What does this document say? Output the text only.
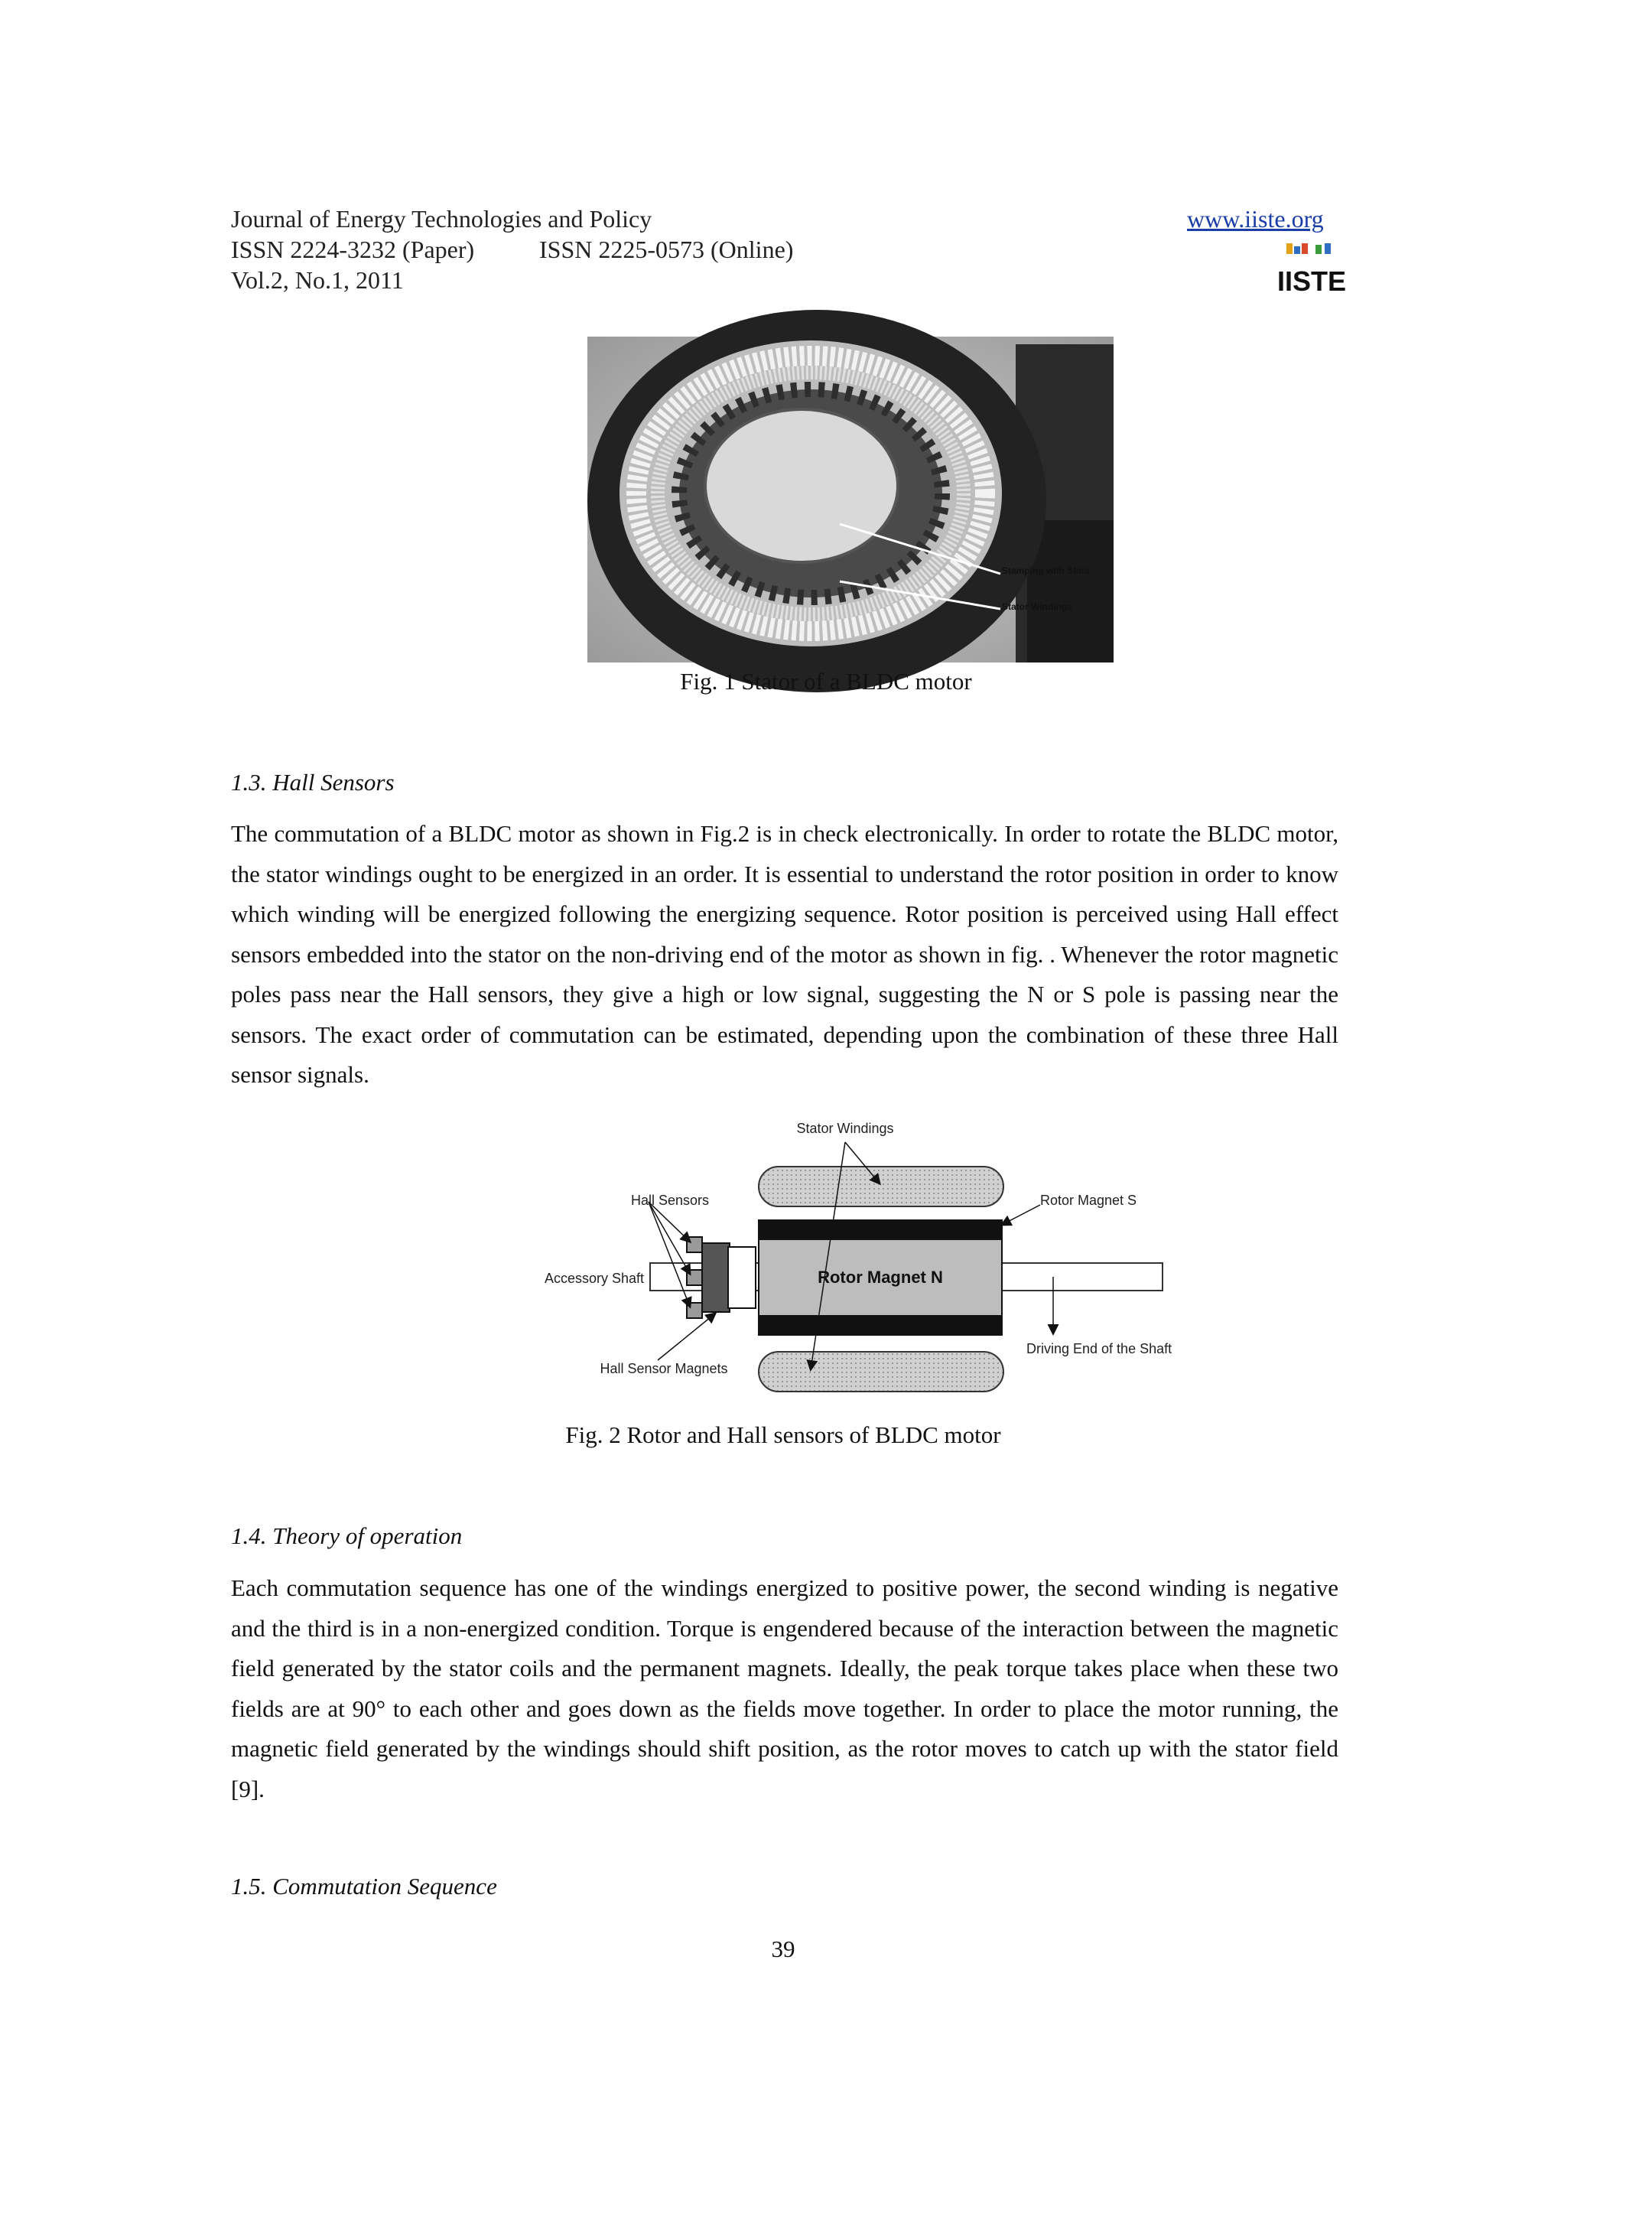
Journal of Energy Technologies and Policy
ISSN 2224-3232 (Paper)	ISSN 2225-0573 (Online)
Vol.2, No.1, 2011
www.iiste.org
IISTE
Stamping with Slots
Stator Windings
Fig. 1 Stator of a BLDC motor
1.3. Hall Sensors
The commutation of a BLDC motor as shown in Fig.2 is in check electronically. In order to rotate the BLDC motor, the stator windings ought to be energized in an order. It is essential to understand the rotor position in order to know which winding will be energized following the energizing sequence. Rotor position is perceived using Hall effect sensors embedded into the stator on the non-driving end of the motor as shown in fig. . Whenever the rotor magnetic poles pass near the Hall sensors, they give a high or low signal, suggesting the N or S pole is passing near the sensors. The exact order of commutation can be estimated, depending upon the combination of these three Hall sensor signals.
Stator Windings
Hall Sensors	Rotor Magnet S
Accessory Shaft	Rotor Magnet N
Hall Sensor Magnets
Driving End of the Shaft
Fig. 2 Rotor and Hall sensors of BLDC motor
1.4. Theory of operation
Each commutation sequence has one of the windings energized to positive power, the second winding is negative and the third is in a non-energized condition. Torque is engendered because of the interaction between the magnetic field generated by the stator coils and the permanent magnets. Ideally, the peak torque takes place when these two fields are at 90° to each other and goes down as the fields move together. In order to place the motor running, the magnetic field generated by the windings should shift position, as the rotor moves to catch up with the stator field [9].
1.5. Commutation Sequence
39
